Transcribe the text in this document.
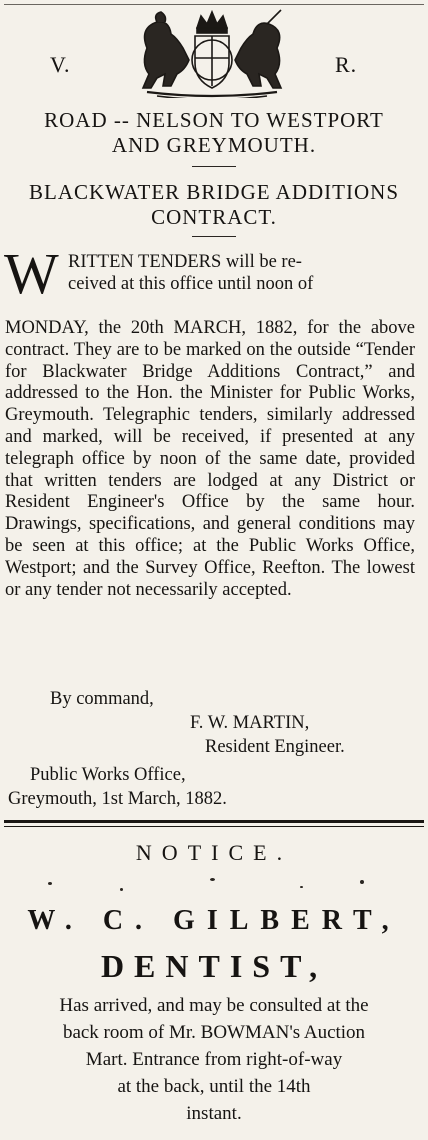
V.	R.
ROAD -- NELSON TO WESTPORT
AND GREYMOUTH.
BLACKWATER BRIDGE ADDITIONS
CONTRACT.
W RITTEN TENDERS will be re-
ceived at this office until noon of
MONDAY, the 20th MARCH, 1882, for the above contract. They are to be marked on the outside “Tender for Blackwater Bridge Additions Contract,” and addressed to the Hon. the Minister for Public Works, Greymouth. Telegraphic tenders, similarly addressed and marked, will be received, if presented at any telegraph office by noon of the same date, provided that written tenders are lodged at any District or Resident Engineer's Office by the same hour. Drawings, specifications, and general conditions may be seen at this office; at the Public Works Office, Westport; and the Survey Office, Reefton. The lowest or any tender not necessarily accepted.
By command,
F. W. MARTIN,
Resident Engineer.
Public Works Office,
Greymouth, 1st March, 1882.
NOTICE.
W. C. GILBERT,
DENTIST,
Has arrived, and may be consulted at the
back room of Mr. BOWMAN's Auction
Mart. Entrance from right-of-way
at the back, until the 14th
instant.
